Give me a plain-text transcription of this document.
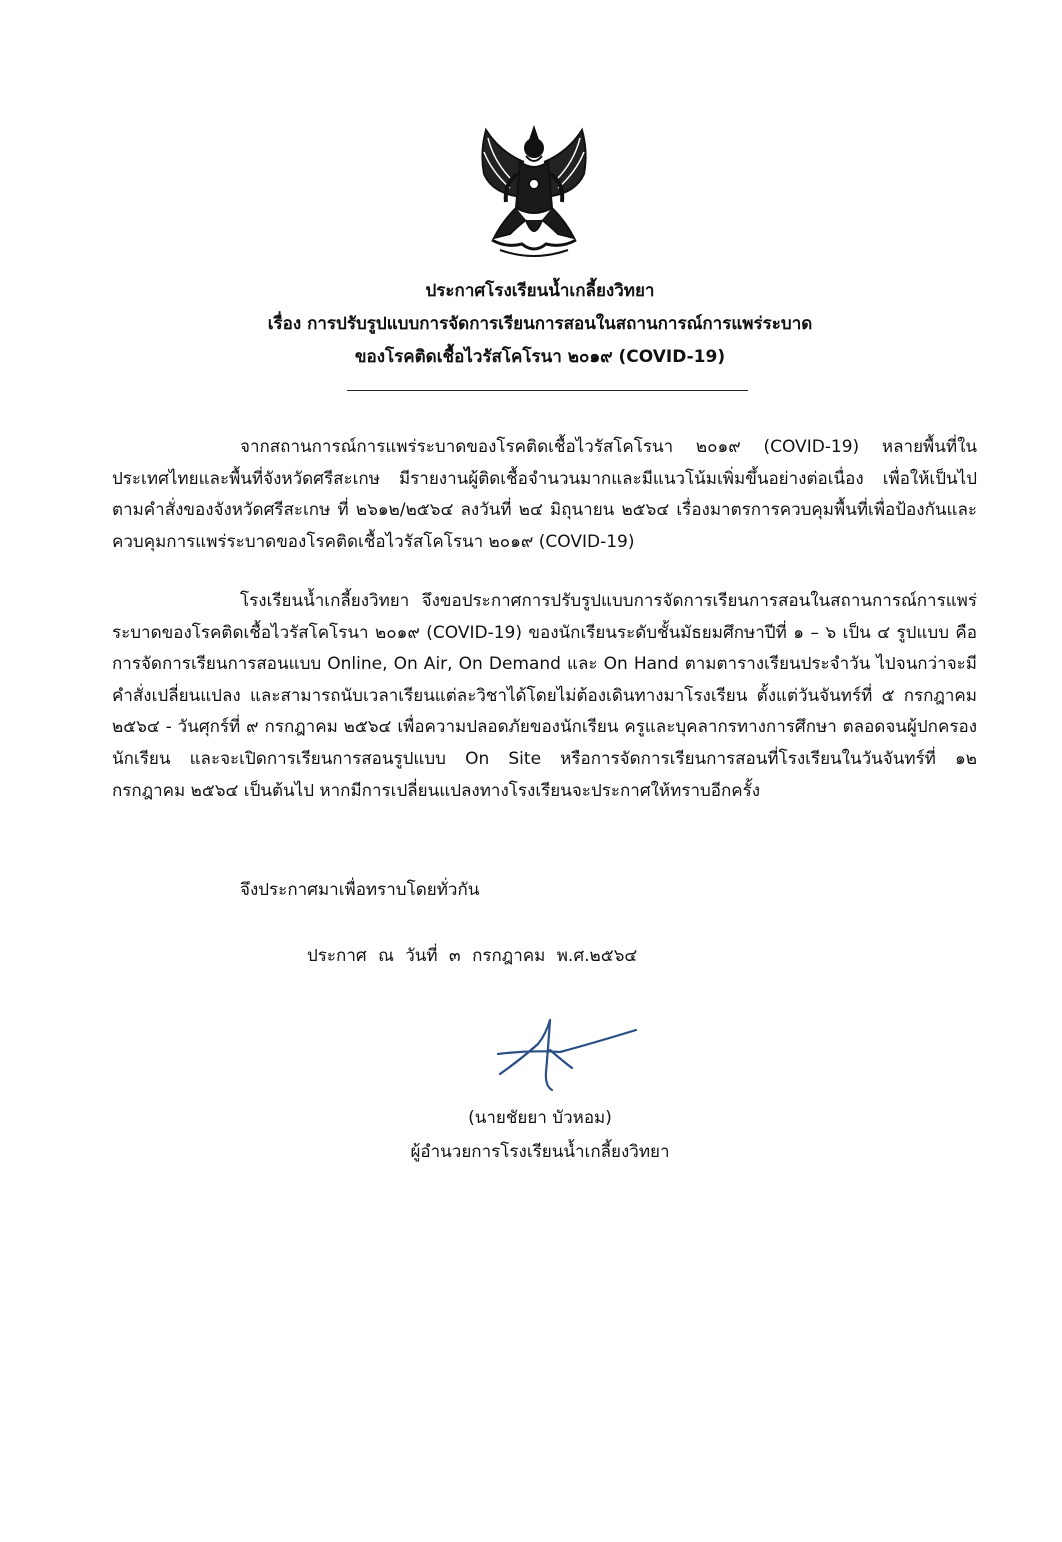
ประกาศโรงเรียนน้ำเกลี้ยงวิทยา
เรื่อง การปรับรูปแบบการจัดการเรียนการสอนในสถานการณ์การแพร่ระบาด
ของโรคติดเชื้อไวรัสโคโรนา ๒๐๑๙ (COVID-19)

จากสถานการณ์การแพร่ระบาดของโรคติดเชื้อไวรัสโคโรนา ๒๐๑๙ (COVID-19) หลายพื้นที่ในประเทศไทยและพื้นที่จังหวัดศรีสะเกษ มีรายงานผู้ติดเชื้อจำนวนมากและมีแนวโน้มเพิ่มขึ้นอย่างต่อเนื่อง เพื่อให้เป็นไปตามคำสั่งของจังหวัดศรีสะเกษ ที่ ๒๖๑๒/๒๕๖๔ ลงวันที่ ๒๔ มิถุนายน ๒๕๖๔ เรื่องมาตรการควบคุมพื้นที่เพื่อป้องกันและควบคุมการแพร่ระบาดของโรคติดเชื้อไวรัสโคโรนา ๒๐๑๙ (COVID-19)

โรงเรียนน้ำเกลี้ยงวิทยา จึงขอประกาศการปรับรูปแบบการจัดการเรียนการสอนในสถานการณ์การแพร่ระบาดของโรคติดเชื้อไวรัสโคโรนา ๒๐๑๙ (COVID-19) ของนักเรียนระดับชั้นมัธยมศึกษาปีที่ ๑ – ๖ เป็น ๔ รูปแบบ คือ การจัดการเรียนการสอนแบบ Online, On Air, On Demand และ On Hand ตามตารางเรียนประจำวัน ไปจนกว่าจะมีคำสั่งเปลี่ยนแปลง และสามารถนับเวลาเรียนแต่ละวิชาได้โดยไม่ต้องเดินทางมาโรงเรียน ตั้งแต่วันจันทร์ที่ ๕ กรกฎาคม ๒๕๖๔ - วันศุกร์ที่ ๙ กรกฎาคม ๒๕๖๔ เพื่อความปลอดภัยของนักเรียน ครูและบุคลากรทางการศึกษา ตลอดจนผู้ปกครองนักเรียน และจะเปิดการเรียนการสอนรูปแบบ On Site หรือการจัดการเรียนการสอนที่โรงเรียนในวันจันทร์ที่ ๑๒ กรกฎาคม ๒๕๖๔ เป็นต้นไป หากมีการเปลี่ยนแปลงทางโรงเรียนจะประกาศให้ทราบอีกครั้ง

จึงประกาศมาเพื่อทราบโดยทั่วกัน
ประกาศ ณ วันที่ ๓ กรกฎาคม พ.ศ.๒๕๖๔
(นายชัยยา บัวหอม)
ผู้อำนวยการโรงเรียนน้ำเกลี้ยงวิทยา
